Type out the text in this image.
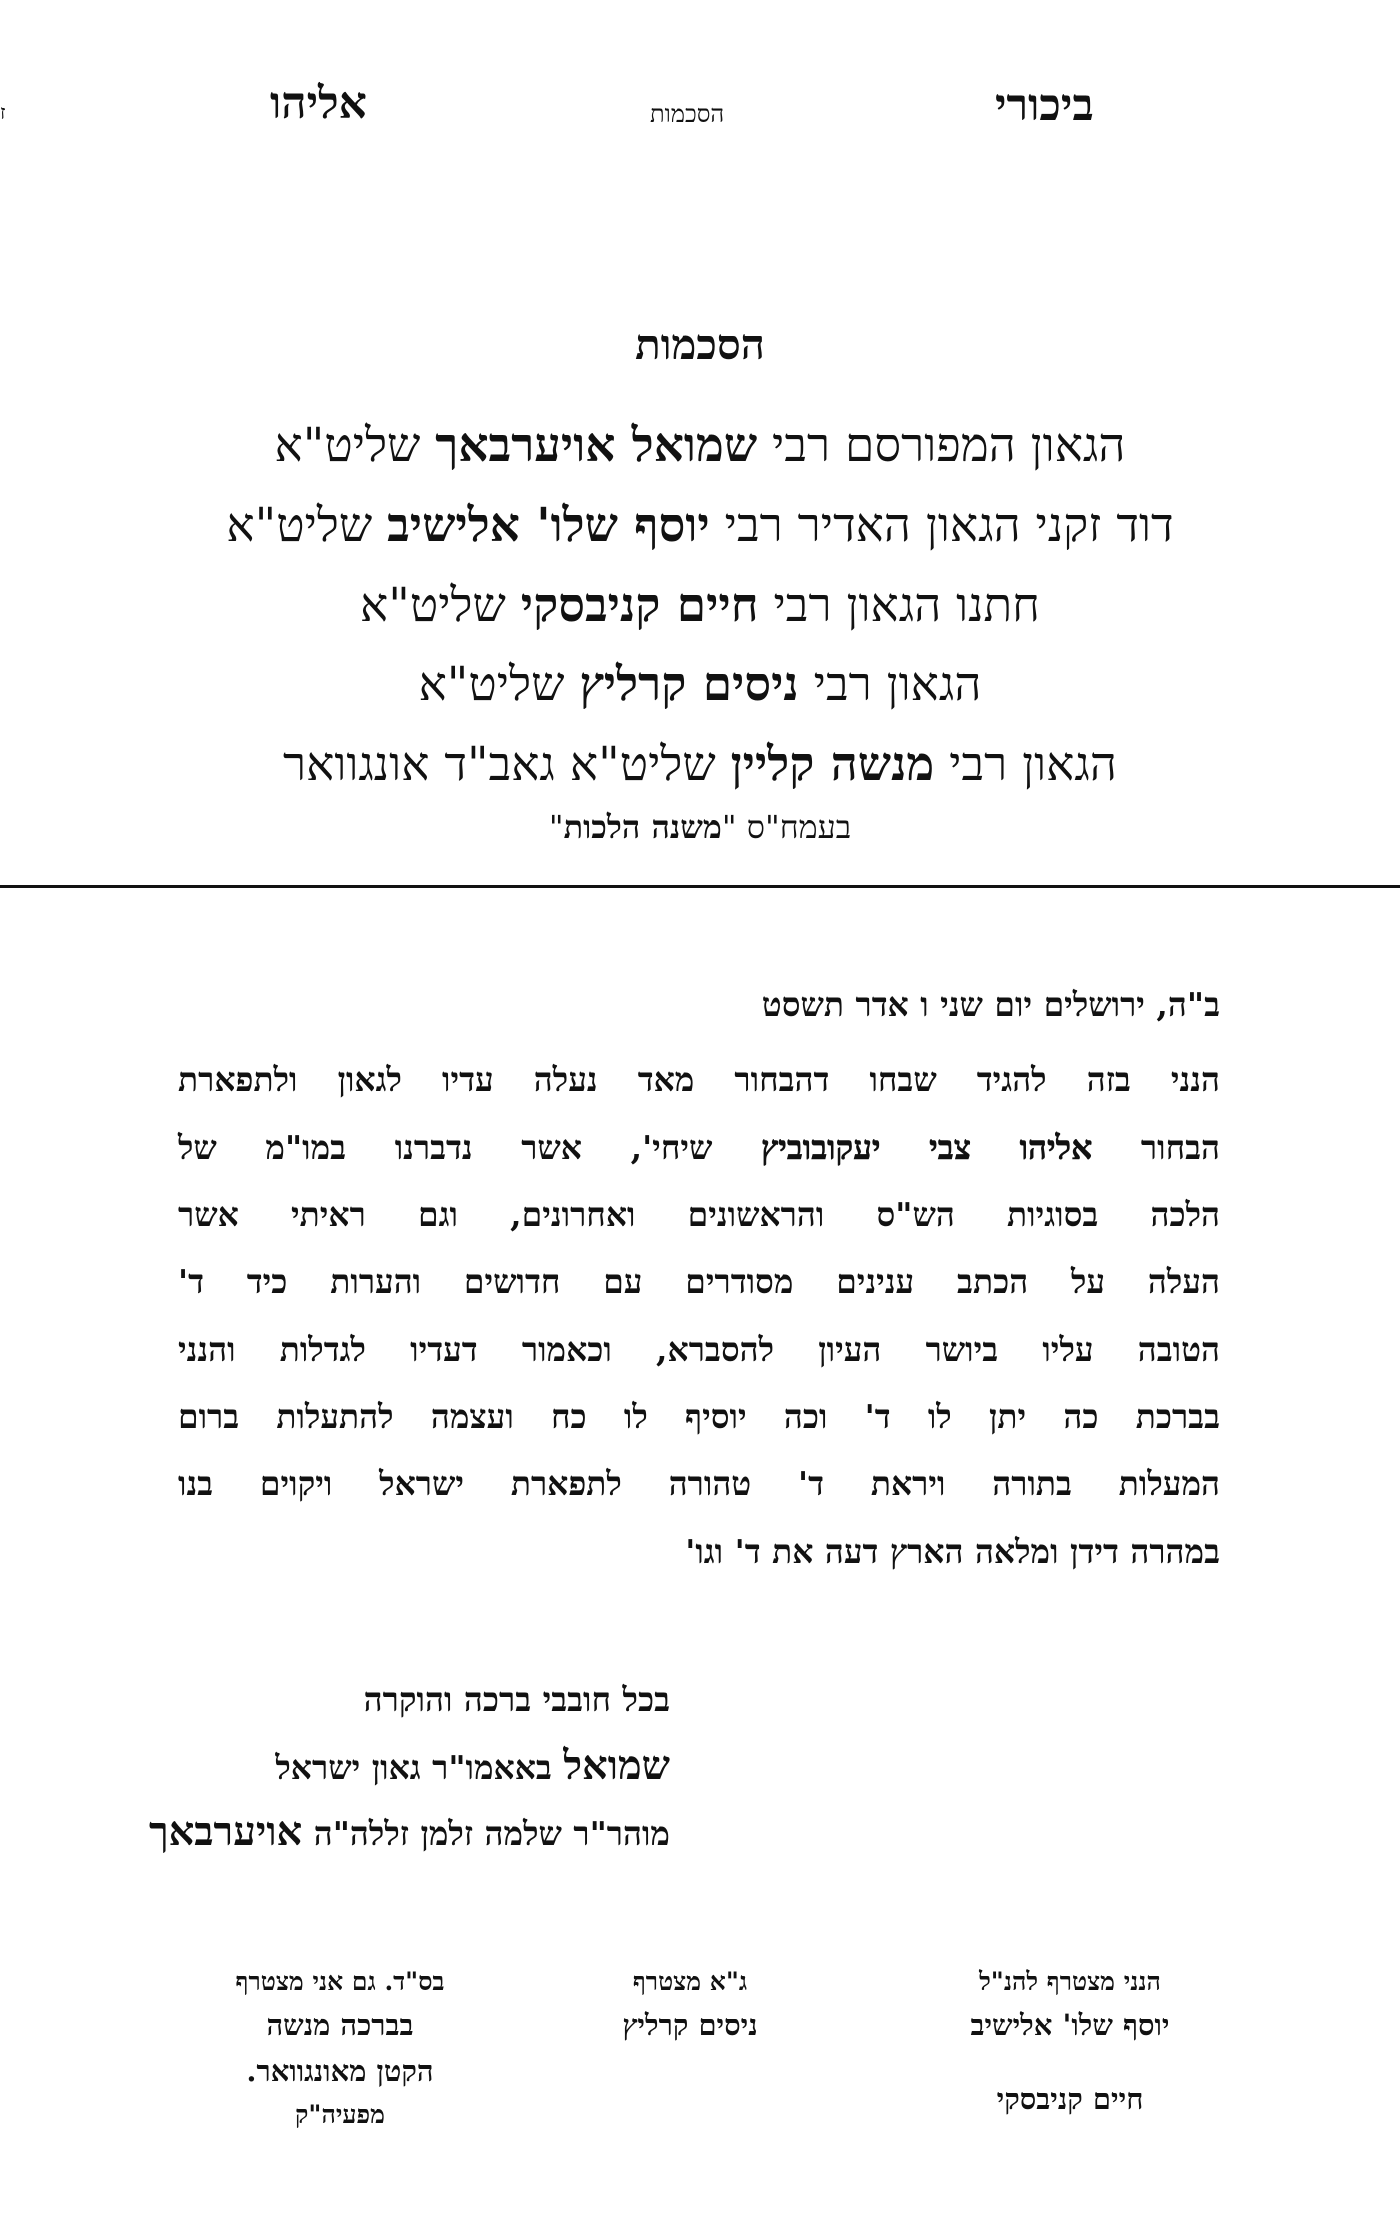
ביכורי
הסכמות
אליהו
ז
הסכמות
הגאון המפורסם רבי שמואל אויערבאך שליט"א
דוד זקני הגאון האדיר רבי יוסף שלו' אלישיב שליט"א
חתנו הגאון רבי חיים קניבסקי שליט"א
הגאון רבי ניסים קרליץ שליט"א
הגאון רבי מנשה קליין שליט"א גאב"ד אונגוואר
בעמח"ס "משנה הלכות"
ב"ה, ירושלים יום שני ו אדר תשסט
הנני בזה להגיד שבחו דהבחור מאד נעלה עדיו לגאון ולתפארת
הבחור אליהו צבי יעקובוביץ שיחי', אשר נדברנו במו"מ של
הלכה בסוגיות הש"ס והראשונים ואחרונים, וגם ראיתי אשר
העלה על הכתב ענינים מסודרים עם חדושים והערות כיד ד'
הטובה עליו ביושר העיון להסברא, וכאמור דעדיו לגדלות והנני
בברכת כה יתן לו ד' וכה יוסיף לו כח ועצמה להתעלות ברום
המעלות בתורה ויראת ד' טהורה לתפארת ישראל ויקוים בנו
במהרה דידן ומלאה הארץ דעה את ד' וגו'
בכל חובבי ברכה והוקרה
שמואל באאמו"ר גאון ישראל
מוהר"ר שלמה זלמן זללה"ה אויערבאך
הנני מצטרף להנ"ל
יוסף שלו' אלישיב
חיים קניבסקי
ג"א מצטרף
ניסים קרליץ
בס"ד. גם אני מצטרף
בברכה מנשה
הקטן מאונגוואר.
מפעיה"ק
